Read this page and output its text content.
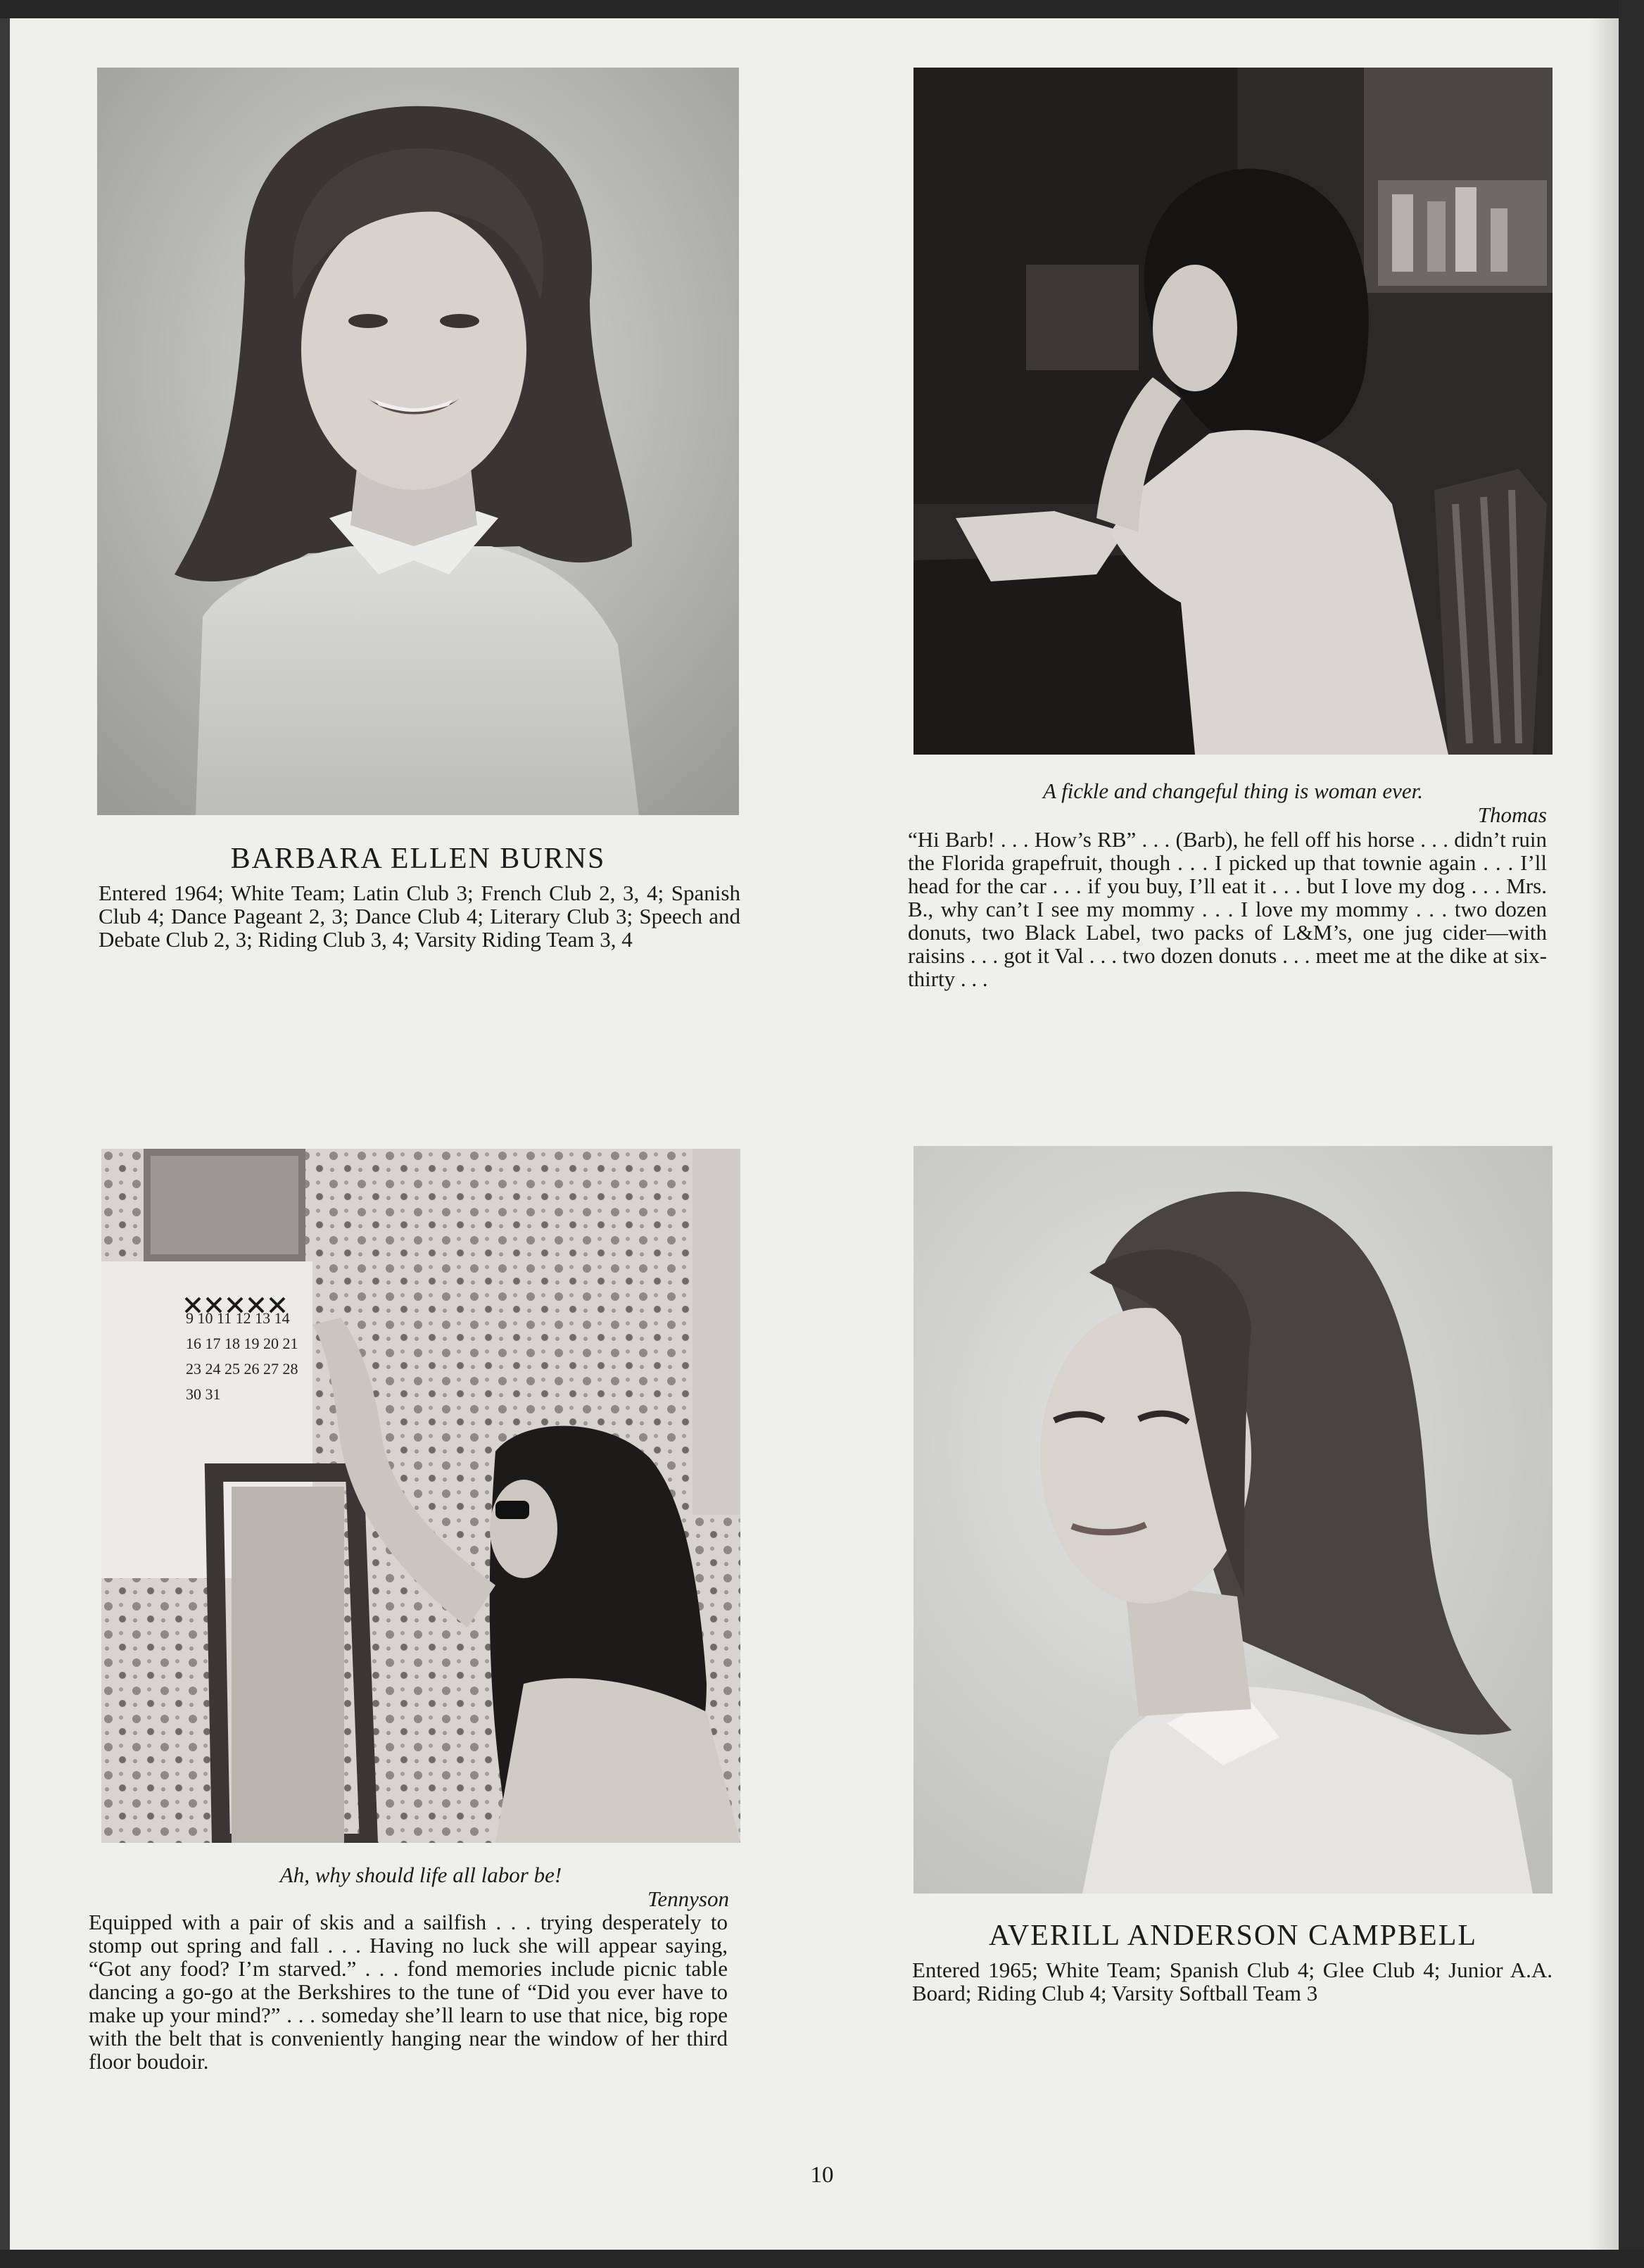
9 10 11 12 13 14
16 17 18 19 20 21
23 24 25 26 27 28
30 31
BARBARA ELLEN BURNS

Entered 1964; White Team; Latin Club 3; French Club 2, 3, 4; Spanish Club 4; Dance Pageant 2, 3; Dance Club 4; Literary Club 3; Speech and Debate Club 2, 3; Riding Club 3, 4; Varsity Riding Team 3, 4

A fickle and changeful thing is woman ever.

Thomas

“Hi Barb! . . . How’s RB” . . . (Barb), he fell off his horse . . . didn’t ruin the Florida grapefruit, though . . . I picked up that townie again . . . I’ll head for the car . . . if you buy, I’ll eat it . . . but I love my dog . . . Mrs. B., why can’t I see my mommy . . . I love my mommy . . . two dozen donuts, two Black Label, two packs of L&M’s, one jug cider—with raisins . . . got it Val . . . two dozen donuts . . . meet me at the dike at six-thirty . . .

Ah, why should life all labor be!

Tennyson

Equipped with a pair of skis and a sailfish . . . trying desperately to stomp out spring and fall . . . Having no luck she will appear saying, “Got any food? I’m starved.” . . . fond memories include picnic table dancing a go-go at the Berkshires to the tune of “Did you ever have to make up your mind?” . . . someday she’ll learn to use that nice, big rope with the belt that is conveniently hanging near the window of her third floor boudoir.

AVERILL ANDERSON CAMPBELL

Entered 1965; White Team; Spanish Club 4; Glee Club 4; Junior A.A. Board; Riding Club 4; Varsity Softball Team 3

10
